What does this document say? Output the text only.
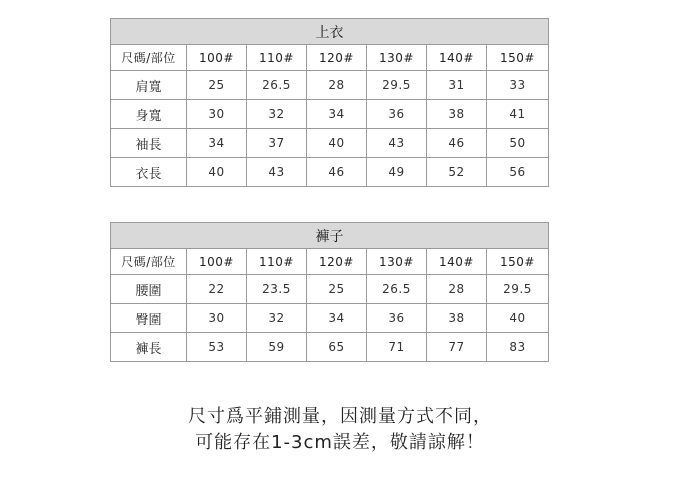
上衣						
尺碼/部位	100#	110#	120#	130#	140#	150#
肩寬	25	26.5	28	29.5	31	33
身寬	30	32	34	36	38	41
袖長	34	37	40	43	46	50
衣長	40	43	46	49	52	56
褲子						
尺碼/部位	100#	110#	120#	130#	140#	150#
腰圍	22	23.5	25	26.5	28	29.5
臀圍	30	32	34	36	38	40
褲長	53	59	65	71	77	83
尺寸爲平鋪測量，因測量方式不同，
可能存在1-3cm誤差，敬請諒解！
